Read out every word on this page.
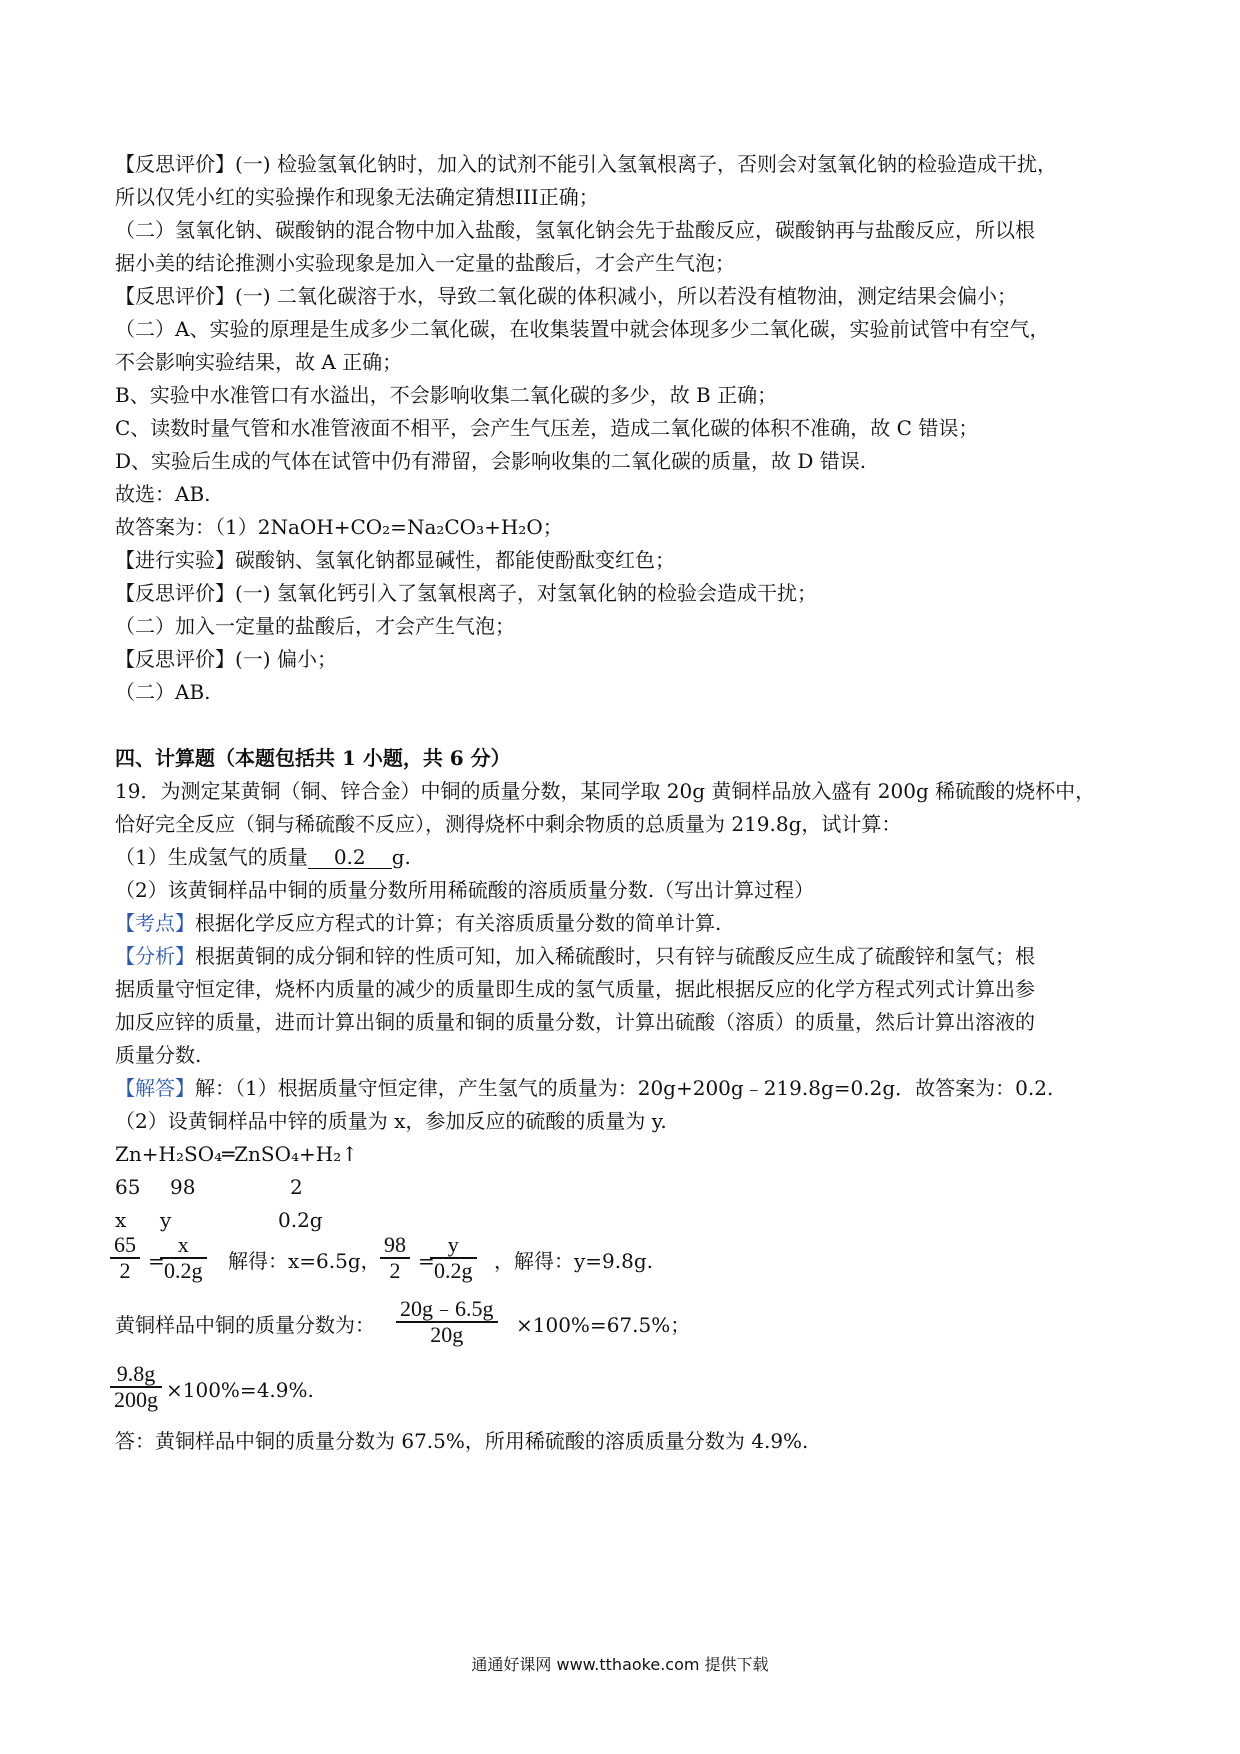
【反思评价】(一) 检验氢氧化钠时，加入的试剂不能引入氢氧根离子，否则会对氢氧化钠的检验造成干扰，
所以仅凭小红的实验操作和现象无法确定猜想III正确；
（二）氢氧化钠、碳酸钠的混合物中加入盐酸，氢氧化钠会先于盐酸反应，碳酸钠再与盐酸反应，所以根
据小美的结论推测小实验现象是加入一定量的盐酸后，才会产生气泡；
【反思评价】(一) 二氧化碳溶于水，导致二氧化碳的体积减小，所以若没有植物油，测定结果会偏小；
（二）A、实验的原理是生成多少二氧化碳，在收集装置中就会体现多少二氧化碳，实验前试管中有空气，
不会影响实验结果，故 A 正确；
B、实验中水准管口有水溢出，不会影响收集二氧化碳的多少，故 B 正确；
C、读数时量气管和水准管液面不相平，会产生气压差，造成二氧化碳的体积不准确，故 C 错误；
D、实验后生成的气体在试管中仍有滞留，会影响收集的二氧化碳的质量，故 D 错误.
故选：AB.
故答案为：（1）2NaOH+CO₂=Na₂CO₃+H₂O；
【进行实验】碳酸钠、氢氧化钠都显碱性，都能使酚酞变红色；
【反思评价】(一) 氢氧化钙引入了氢氧根离子，对氢氧化钠的检验会造成干扰；
（二）加入一定量的盐酸后，才会产生气泡；
【反思评价】(一) 偏小；
（二）AB.
四、计算题（本题包括共 1 小题，共 6 分）
19．为测定某黄铜（铜、锌合金）中铜的质量分数，某同学取 20g 黄铜样品放入盛有 200g 稀硫酸的烧杯中，
恰好完全反应（铜与稀硫酸不反应），测得烧杯中剩余物质的总质量为 219.8g，试计算：
（1）生成氢气的质量 0.2 g.
（2）该黄铜样品中铜的质量分数所用稀硫酸的溶质质量分数.（写出计算过程）
【考点】根据化学反应方程式的计算；有关溶质质量分数的简单计算.
【分析】根据黄铜的成分铜和锌的性质可知，加入稀硫酸时，只有锌与硫酸反应生成了硫酸锌和氢气；根
据质量守恒定律，烧杯内质量的减少的质量即生成的氢气质量，据此根据反应的化学方程式列式计算出参
加反应锌的质量，进而计算出铜的质量和铜的质量分数，计算出硫酸（溶质）的质量，然后计算出溶液的
质量分数.
【解答】解：（1）根据质量守恒定律，产生氢气的质量为：20g+200g﹣219.8g=0.2g．故答案为：0.2.
（2）设黄铜样品中锌的质量为 x，参加反应的硫酸的质量为 y.
Zn+H₂SO₄═ZnSO₄+H₂↑
65 98	2
x y	0.2g
65
2 =
x
0.2g 解得：x=6.5g，
98
2 =
y
0.2g ，解得：y=9.8g.
黄铜样品中铜的质量分数为：
20g﹣6.5g
20g	×100%=67.5%；
9.8g
200g ×100%=4.9%.
答：黄铜样品中铜的质量分数为 67.5%，所用稀硫酸的溶质质量分数为 4.9%.
通通好课网 www.tthaoke.com 提供下载
